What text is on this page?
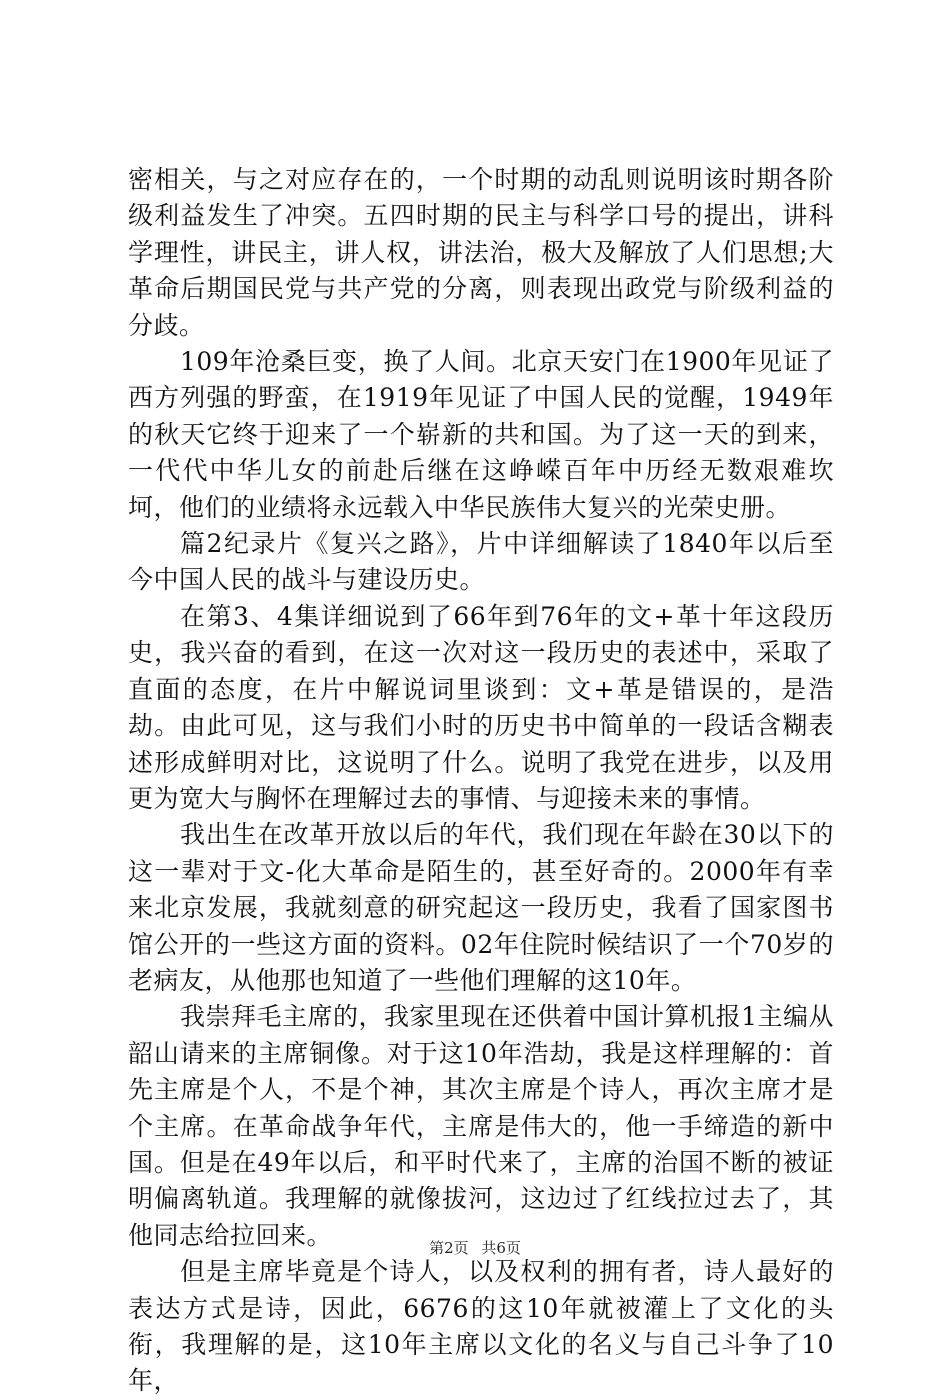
密相关，与之对应存在的，一个时期的动乱则说明该时期各阶级利益发生了冲突。五四时期的民主与科学口号的提出，讲科学理性，讲民主，讲人权，讲法治，极大及解放了人们思想;大革命后期国民党与共产党的分离，则表现出政党与阶级利益的分歧。

109年沧桑巨变，换了人间。北京天安门在1900年见证了西方列强的野蛮，在1919年见证了中国人民的觉醒，1949年的秋天它终于迎来了一个崭新的共和国。为了这一天的到来，一代代中华儿女的前赴后继在这峥嵘百年中历经无数艰难坎坷，他们的业绩将永远载入中华民族伟大复兴的光荣史册。

篇2纪录片《复兴之路》，片中详细解读了1840年以后至今中国人民的战斗与建设历史。

在第3、4集详细说到了66年到76年的文+革十年这段历史，我兴奋的看到，在这一次对这一段历史的表述中，采取了直面的态度，在片中解说词里谈到：文+革是错误的，是浩劫。由此可见，这与我们小时的历史书中简单的一段话含糊表述形成鲜明对比，这说明了什么。说明了我党在进步，以及用更为宽大与胸怀在理解过去的事情、与迎接未来的事情。

我出生在改革开放以后的年代，我们现在年龄在30以下的这一辈对于文-化大革命是陌生的，甚至好奇的。2000年有幸来北京发展，我就刻意的研究起这一段历史，我看了国家图书馆公开的一些这方面的资料。02年住院时候结识了一个70岁的老病友，从他那也知道了一些他们理解的这10年。

我崇拜毛主席的，我家里现在还供着中国计算机报1主编从韶山请来的主席铜像。对于这10年浩劫，我是这样理解的：首先主席是个人，不是个神，其次主席是个诗人，再次主席才是个主席。在革命战争年代，主席是伟大的，他一手缔造的新中国。但是在49年以后，和平时代来了，主席的治国不断的被证明偏离轨道。我理解的就像拔河，这边过了红线拉过去了，其他同志给拉回来。

但是主席毕竟是个诗人，以及权利的拥有者，诗人最好的表达方式是诗，因此，6676的这10年就被灌上了文化的头衔，我理解的是，这10年主席以文化的名义与自己斗争了10年，

第2页 共6页
